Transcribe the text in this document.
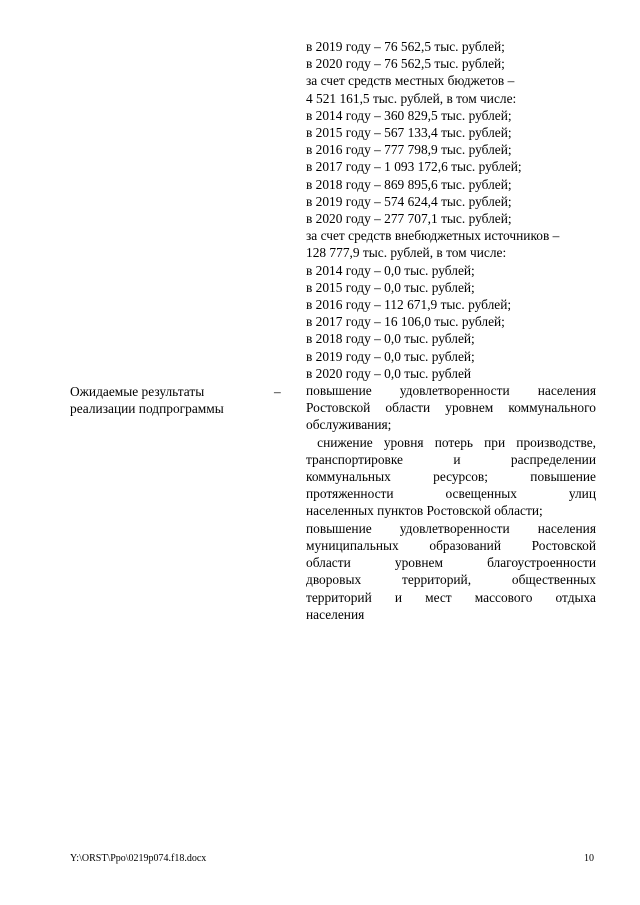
в 2019 году – 76 562,5 тыс. рублей;

в 2020 году – 76 562,5 тыс. рублей;

за счет средств местных бюджетов –

4 521 161,5 тыс. рублей, в том числе:

в 2014 году – 360 829,5 тыс. рублей;

в 2015 году – 567 133,4 тыс. рублей;

в 2016 году – 777 798,9 тыс. рублей;

в 2017 году – 1 093 172,6 тыс. рублей;

в 2018 году – 869 895,6 тыс. рублей;

в 2019 году – 574 624,4 тыс. рублей;

в 2020 году – 277 707,1 тыс. рублей;

за счет средств внебюджетных источников –

128 777,9 тыс. рублей, в том числе:

в 2014 году – 0,0 тыс. рублей;

в 2015 году – 0,0 тыс. рублей;

в 2016 году – 112 671,9 тыс. рублей;

в 2017 году – 16 106,0 тыс. рублей;

в 2018 году – 0,0 тыс. рублей;

в 2019 году – 0,0 тыс. рублей;

в 2020 году – 0,0 тыс. рублей

повышение удовлетворенности населения

Ростовской области уровнем коммунального

обслуживания;

снижение уровня потерь при производстве,

транспортировке и распределении

коммунальных ресурсов; повышение

протяженности освещенных улиц

населенных пунктов Ростовской области;

повышение удовлетворенности населения

муниципальных образований Ростовской

области уровнем благоустроенности

дворовых территорий, общественных

территорий и мест массового отдыха

населения

Ожидаемые результаты

реализации подпрограммы

–
Y:\ORST\Ppo\0219p074.f18.docx	10
